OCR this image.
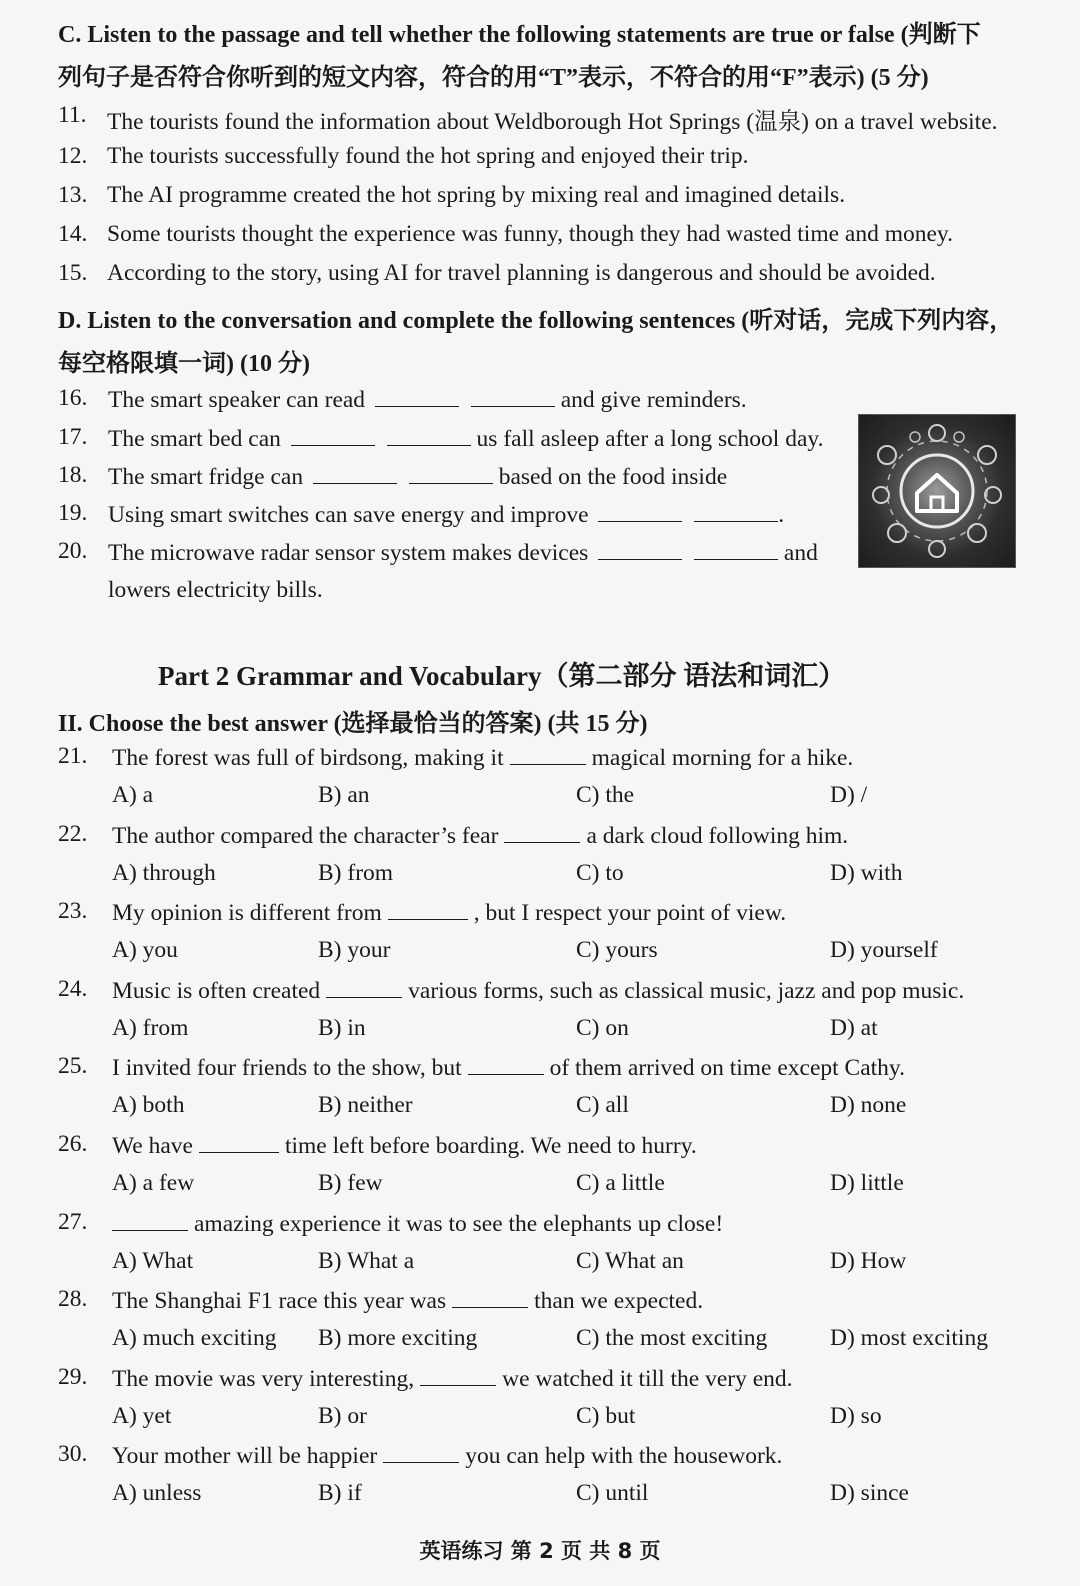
C. Listen to the passage and tell whether the following statements are true or false (判断下
列句子是否符合你听到的短文内容，符合的用“T”表示，不符合的用“F”表示) (5 分)
11. The tourists found the information about Weldborough Hot Springs (温泉) on a travel website.
12. The tourists successfully found the hot spring and enjoyed their trip.
13. The AI programme created the hot spring by mixing real and imagined details.
14. Some tourists thought the experience was funny, though they had wasted time and money.
15. According to the story, using AI for travel planning is dangerous and should be avoided.
D. Listen to the conversation and complete the following sentences (听对话，完成下列内容，
每空格限填一词) (10 分)
16. The smart speaker can read	and give reminders.
17. The smart bed can	us fall asleep after a long school day.
18. The smart fridge can	based on the food inside
19. Using smart switches can save energy and improve	.
20. The microwave radar sensor system makes devices	and
lowers electricity bills.
Part 2 Grammar and Vocabulary（第二部分 语法和词汇）
II. Choose the best answer (选择最恰当的答案) (共 15 分)
21. The forest was full of birdsong, making it	magical morning for a hike.
A) a	B) an	C) the	D) /
22. The author compared the character’s fear	a dark cloud following him.
A) through	B) from	C) to	D) with
23. My opinion is different from	, but I respect your point of view.
A) you	B) your	C) yours	D) yourself
24. Music is often created	various forms, such as classical music, jazz and pop music.
A) from	B) in	C) on	D) at
25. I invited four friends to the show, but	of them arrived on time except Cathy.
A) both	B) neither	C) all	D) none
26. We have	time left before boarding. We need to hurry.
A) a few	B) few	C) a little	D) little
27.	amazing experience it was to see the elephants up close!
A) What	B) What a	C) What an	D) How
28. The Shanghai F1 race this year was	than we expected.
A) much exciting B) more exciting	C) the most exciting	D) most exciting
29. The movie was very interesting,	we watched it till the very end.
A) yet	B) or	C) but	D) so
30. Your mother will be happier	you can help with the housework.
A) unless	B) if	C) until	D) since
英语练习 第 2 页 共 8 页
